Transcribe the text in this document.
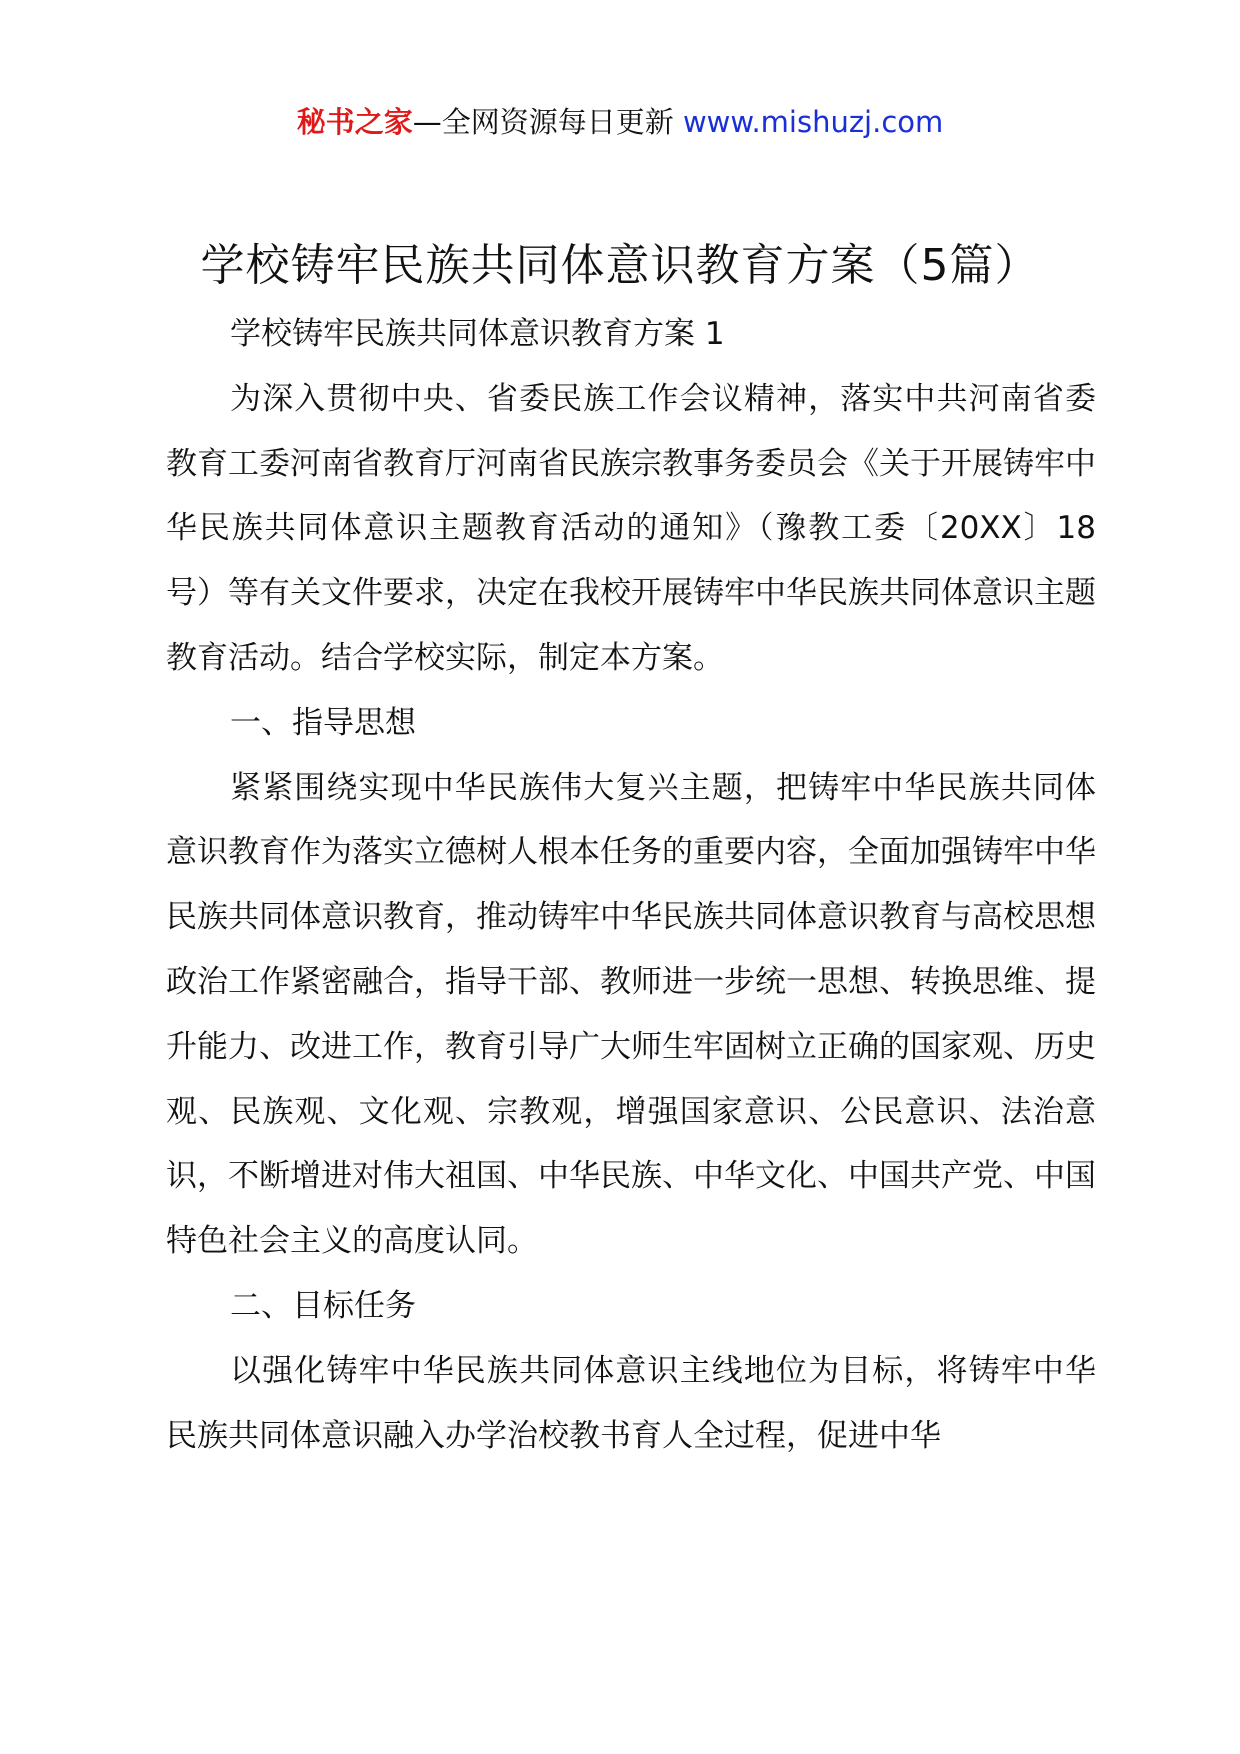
秘书之家—全网资源每日更新 www.mishuzj.com
学校铸牢民族共同体意识教育方案（5篇）

学校铸牢民族共同体意识教育方案 1

为深入贯彻中央、省委民族工作会议精神，落实中共河南省委教育工委河南省教育厅河南省民族宗教事务委员会《关于开展铸牢中华民族共同体意识主题教育活动的通知》（豫教工委〔20XX〕18 号）等有关文件要求，决定在我校开展铸牢中华民族共同体意识主题教育活动。结合学校实际，制定本方案。

一、指导思想

紧紧围绕实现中华民族伟大复兴主题，把铸牢中华民族共同体意识教育作为落实立德树人根本任务的重要内容，全面加强铸牢中华民族共同体意识教育，推动铸牢中华民族共同体意识教育与高校思想政治工作紧密融合，指导干部、教师进一步统一思想、转换思维、提升能力、改进工作，教育引导广大师生牢固树立正确的国家观、历史观、民族观、文化观、宗教观，增强国家意识、公民意识、法治意识，不断增进对伟大祖国、中华民族、中华文化、中国共产党、中国特色社会主义的高度认同。

二、目标任务

以强化铸牢中华民族共同体意识主线地位为目标，将铸牢中华民族共同体意识融入办学治校教书育人全过程，促进中华
